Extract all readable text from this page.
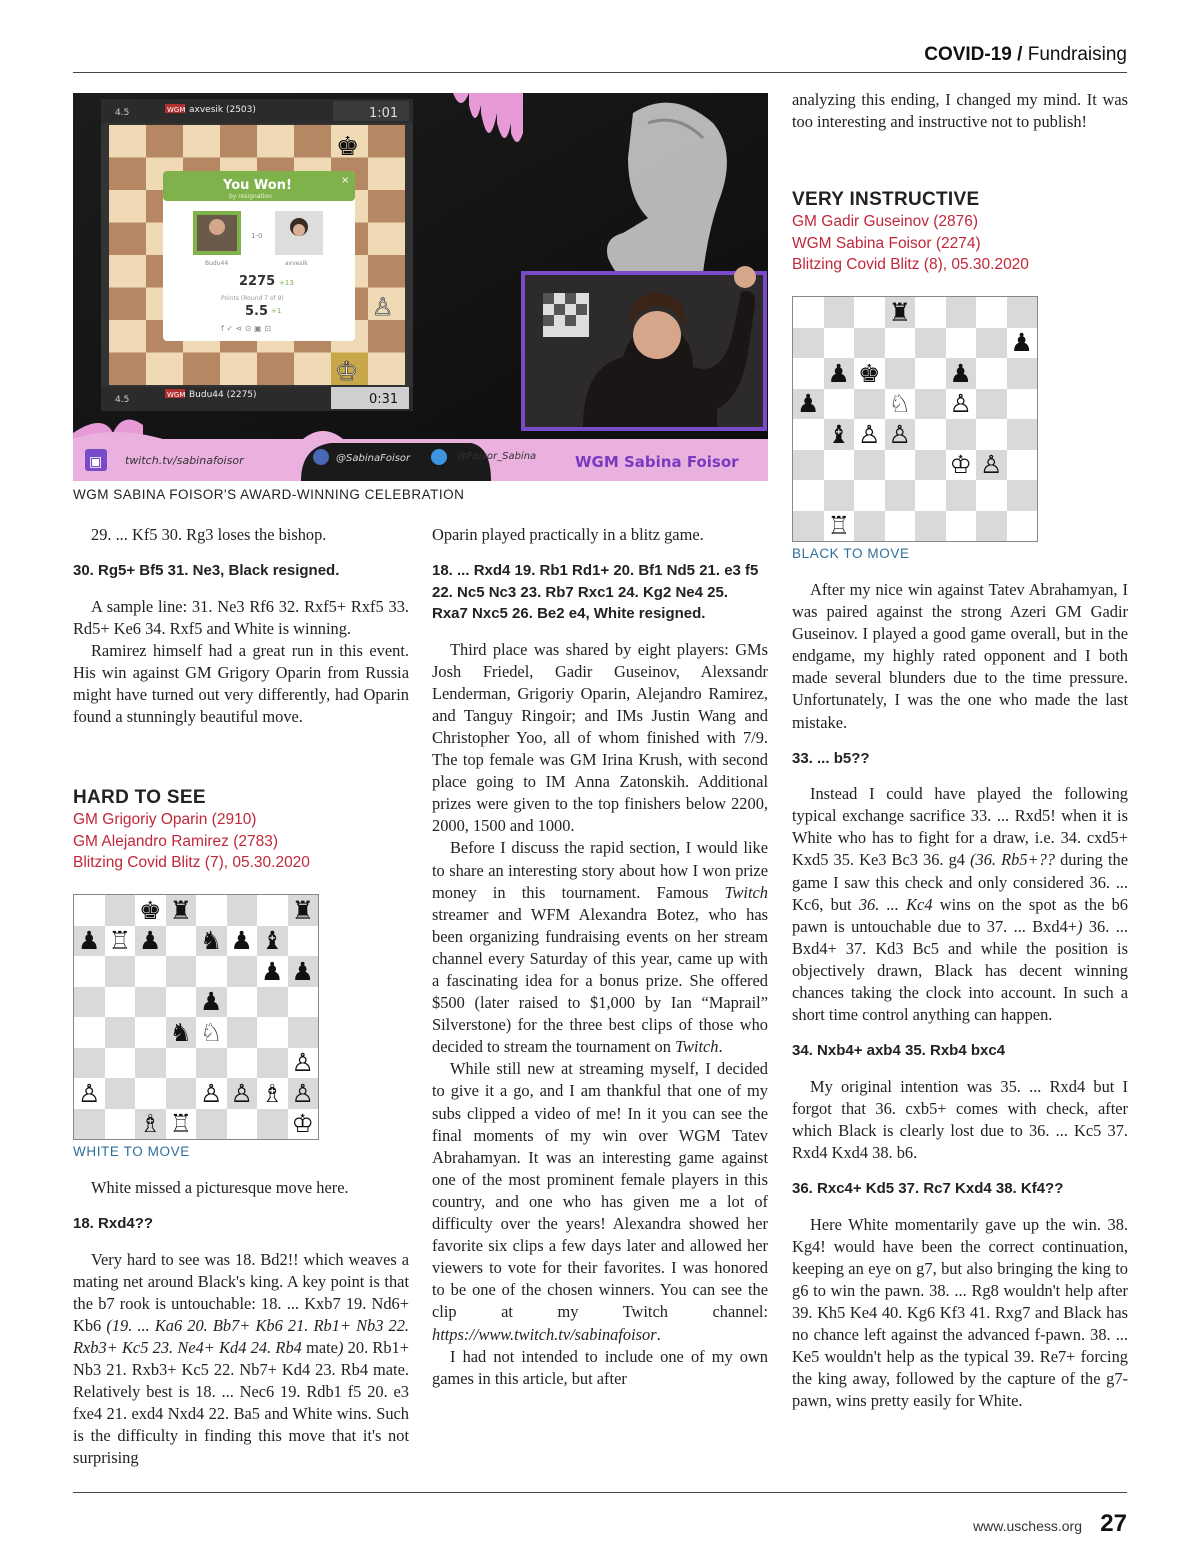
COVID-19 / Fundraising
♚
♙
♔
4.5	WGM axvesik (2503)	1:01
4.5	WGM Budu44 (2275)	0:31
You Won!
by resignation
×
1-0
Budu44	axvesik
2275 +13
Points (Round 7 of 9)
5.5 +1
f ✓ ⋖ ⊙ ▣ ⊡
▣ twitch.tv/sabinafoisor	@SabinaFoisor	@Foisor_Sabina	WGM Sabina Foisor
WGM SABINA FOISOR'S AWARD-WINNING CELEBRATION

29. ... Kf5 30. Rg3 loses the bishop.

30. Rg5+ Bf5 31. Ne3, Black resigned.

A sample line: 31. Ne3 Rf6 32. Rxf5+ Rxf5 33. Rd5+ Ke6 34. Rxf5 and White is winning.

Ramirez himself had a great run in this event. His win against GM Grigory Oparin from Russia might have turned out very differently, had Oparin found a stunningly beautiful move.

HARD TO SEE
GM Grigoriy Oparin (2910)
GM Alejandro Ramirez (2783)
Blitzing Covid Blitz (7), 05.30.2020
♚ ♜	♜
♟ ♖ ♟ ♞ ♟ ♝
♟ ♟
♟
♞ ♘
♙
♙	♙ ♙ ♗ ♙
♗ ♖	♔
WHITE TO MOVE

White missed a picturesque move here.

18. Rxd4??

Very hard to see was 18. Bd2!! which weaves a mating net around Black's king. A key point is that the b7 rook is untouchable: 18. ... Kxb7 19. Nd6+ Kb6 (19. ... Ka6 20. Bb7+ Kb6 21. Rb1+ Nb3 22. Rxb3+ Kc5 23. Ne4+ Kd4 24. Rb4 mate) 20. Rb1+ Nb3 21. Rxb3+ Kc5 22. Nb7+ Kd4 23. Rb4 mate. Relatively best is 18. ... Nec6 19. Rdb1 f5 20. e3 fxe4 21. exd4 Nxd4 22. Ba5 and White wins. Such is the difficulty in finding this move that it's not surprising

Oparin played practically in a blitz game.

18. ... Rxd4 19. Rb1 Rd1+ 20. Bf1 Nd5 21. e3 f5 22. Nc5 Nc3 23. Rb7 Rxc1 24. Kg2 Ne4 25. Rxa7 Nxc5 26. Be2 e4, White resigned.

Third place was shared by eight players: GMs Josh Friedel, Gadir Guseinov, Alexsandr Lenderman, Grigoriy Oparin, Alejandro Ramirez, and Tanguy Ringoir; and IMs Justin Wang and Christopher Yoo, all of whom finished with 7/9. The top female was GM Irina Krush, with second place going to IM Anna Zatonskih. Additional prizes were given to the top finishers below 2200, 2000, 1500 and 1000.

Before I discuss the rapid section, I would like to share an interesting story about how I won prize money in this tournament. Famous Twitch streamer and WFM Alexandra Botez, who has been organizing fundraising events on her stream channel every Saturday of this year, came up with a fascinating idea for a bonus prize. She offered $500 (later raised to $1,000 by Ian “Maprail” Silverstone) for the three best clips of those who decided to stream the tournament on Twitch.

While still new at streaming myself, I decided to give it a go, and I am thankful that one of my subs clipped a video of me! In it you can see the final moments of my win over WGM Tatev Abrahamyan. It was an interesting game against one of the most prominent female players in this country, and one who has given me a lot of difficulty over the years! Alexandra showed her favorite six clips a few days later and allowed her viewers to vote for their favorites. I was honored to be one of the chosen winners. You can see the clip at my Twitch channel: https://www.twitch.tv/sabinafoisor.

I had not intended to include one of my own games in this article, but after

analyzing this ending, I changed my mind. It was too interesting and instructive not to publish!

VERY INSTRUCTIVE
GM Gadir Guseinov (2876)
WGM Sabina Foisor (2274)
Blitzing Covid Blitz (8), 05.30.2020
♜
♟
♟ ♚	♟
♟	♘ ♙
♝ ♙ ♙
♔ ♙
♖
BLACK TO MOVE

After my nice win against Tatev Abrahamyan, I was paired against the strong Azeri GM Gadir Guseinov. I played a good game overall, but in the endgame, my highly rated opponent and I both made several blunders due to the time pressure. Unfortunately, I was the one who made the last mistake.

33. ... b5??

Instead I could have played the following typical exchange sacrifice 33. ... Rxd5! when it is White who has to fight for a draw, i.e. 34. cxd5+ Kxd5 35. Ke3 Bc3 36. g4 (36. Rb5+?? during the game I saw this check and only considered 36. ... Kc6, but 36. ... Kc4 wins on the spot as the b6 pawn is untouchable due to 37. ... Bxd4+) 36. ... Bxd4+ 37. Kd3 Bc5 and while the position is objectively drawn, Black has decent winning chances taking the clock into account. In such a short time control anything can happen.

34. Nxb4+ axb4 35. Rxb4 bxc4

My original intention was 35. ... Rxd4 but I forgot that 36. cxb5+ comes with check, after which Black is clearly lost due to 36. ... Kc5 37. Rxd4 Kxd4 38. b6.

36. Rxc4+ Kd5 37. Rc7 Kxd4 38. Kf4??

Here White momentarily gave up the win. 38. Kg4! would have been the correct continuation, keeping an eye on g7, but also bringing the king to g6 to win the pawn. 38. ... Rg8 wouldn't help after 39. Kh5 Ke4 40. Kg6 Kf3 41. Rxg7 and Black has no chance left against the advanced f-pawn. 38. ... Ke5 wouldn't help as the typical 39. Re7+ forcing the king away, followed by the capture of the g7-pawn, wins pretty easily for White.

www.uschess.org 27
